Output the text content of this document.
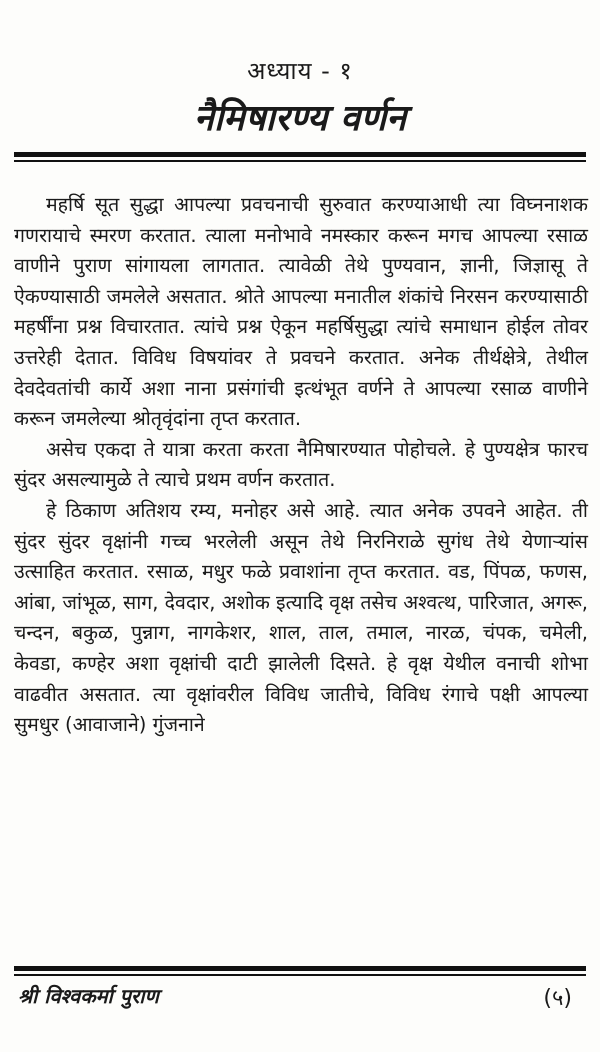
अध्याय - १
नैमिषारण्य वर्णन

महर्षि सूत सुद्धा आपल्या प्रवचनाची सुरुवात करण्याआधी त्या विघ्ननाशक गणरायाचे स्मरण करतात. त्याला मनोभावे नमस्कार करून मगच आपल्या रसाळ वाणीने पुराण सांगायला लागतात. त्यावेळी तेथे पुण्यवान, ज्ञानी, जिज्ञासू ते ऐकण्यासाठी जमलेले असतात. श्रोते आपल्या मनातील शंकांचे निरसन करण्यासाठी महर्षींना प्रश्न विचारतात. त्यांचे प्रश्न ऐकून महर्षिसुद्धा त्यांचे समाधान होईल तोवर उत्तरेही देतात. विविध विषयांवर ते प्रवचने करतात. अनेक तीर्थक्षेत्रे, तेथील देवदेवतांची कार्ये अशा नाना प्रसंगांची इत्थंभूत वर्णने ते आपल्या रसाळ वाणीने करून जमलेल्या श्रोतृवृंदांना तृप्त करतात.

असेच एकदा ते यात्रा करता करता नैमिषारण्यात पोहोचले. हे पुण्यक्षेत्र फारच सुंदर असल्यामुळे ते त्याचे प्रथम वर्णन करतात.

हे ठिकाण अतिशय रम्य, मनोहर असे आहे. त्यात अनेक उपवने आहेत. ती सुंदर सुंदर वृक्षांनी गच्च भरलेली असून तेथे निरनिराळे सुगंध तेथे येणाऱ्यांस उत्साहित करतात. रसाळ, मधुर फळे प्रवाशांना तृप्त करतात. वड, पिंपळ, फणस, आंबा, जांभूळ, साग, देवदार, अशोक इत्यादि वृक्ष तसेच अश्वत्थ, पारिजात, अगरू, चन्दन, बकुळ, पुन्नाग, नागकेशर, शाल, ताल, तमाल, नारळ, चंपक, चमेली, केवडा, कण्हेर अशा वृक्षांची दाटी झालेली दिसते. हे वृक्ष येथील वनाची शोभा वाढवीत असतात. त्या वृक्षांवरील विविध जातीचे, विविध रंगाचे पक्षी आपल्या सुमधुर (आवाजाने) गुंजनाने

श्री विश्वकर्मा पुराण	(५)
